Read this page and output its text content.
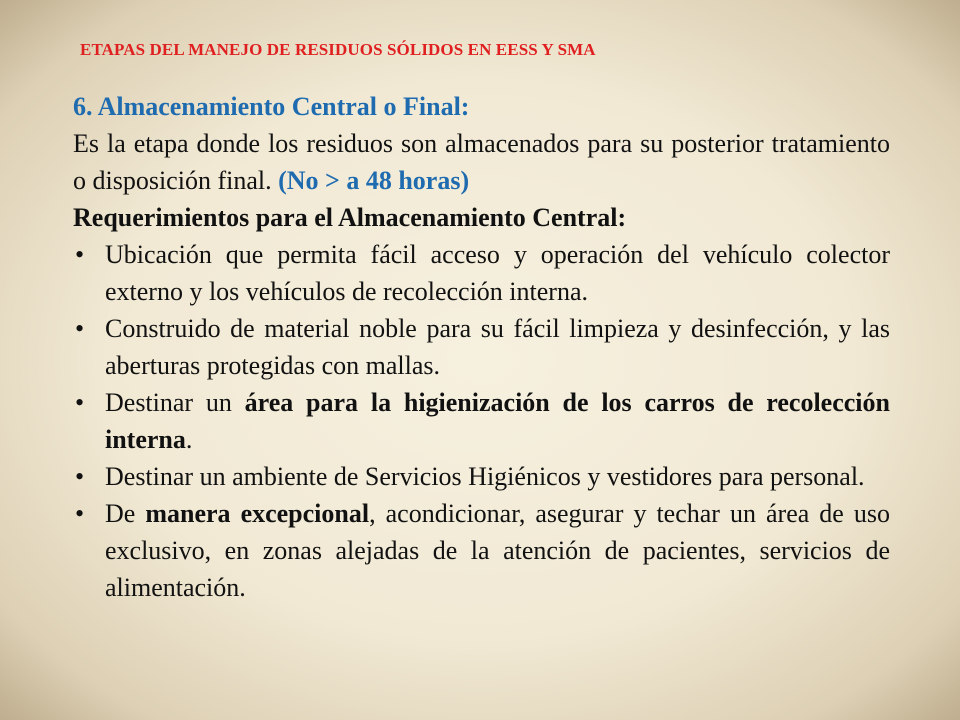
ETAPAS DEL MANEJO DE RESIDUOS SÓLIDOS EN EESS Y SMA
6. Almacenamiento Central o Final:
Es la etapa donde los residuos son almacenados para su posterior tratamiento o disposición final. (No > a 48 horas)
Requerimientos para el Almacenamiento Central:
• Ubicación que permita fácil acceso y operación del vehículo colector externo y los vehículos de recolección interna.
• Construido de material noble para su fácil limpieza y desinfección, y las aberturas protegidas con mallas.
• Destinar un área para la higienización de los carros de recolección interna.
• Destinar un ambiente de Servicios Higiénicos y vestidores para personal.
• De manera excepcional, acondicionar, asegurar y techar un área de uso exclusivo, en zonas alejadas de la atención de pacientes, servicios de alimentación.
